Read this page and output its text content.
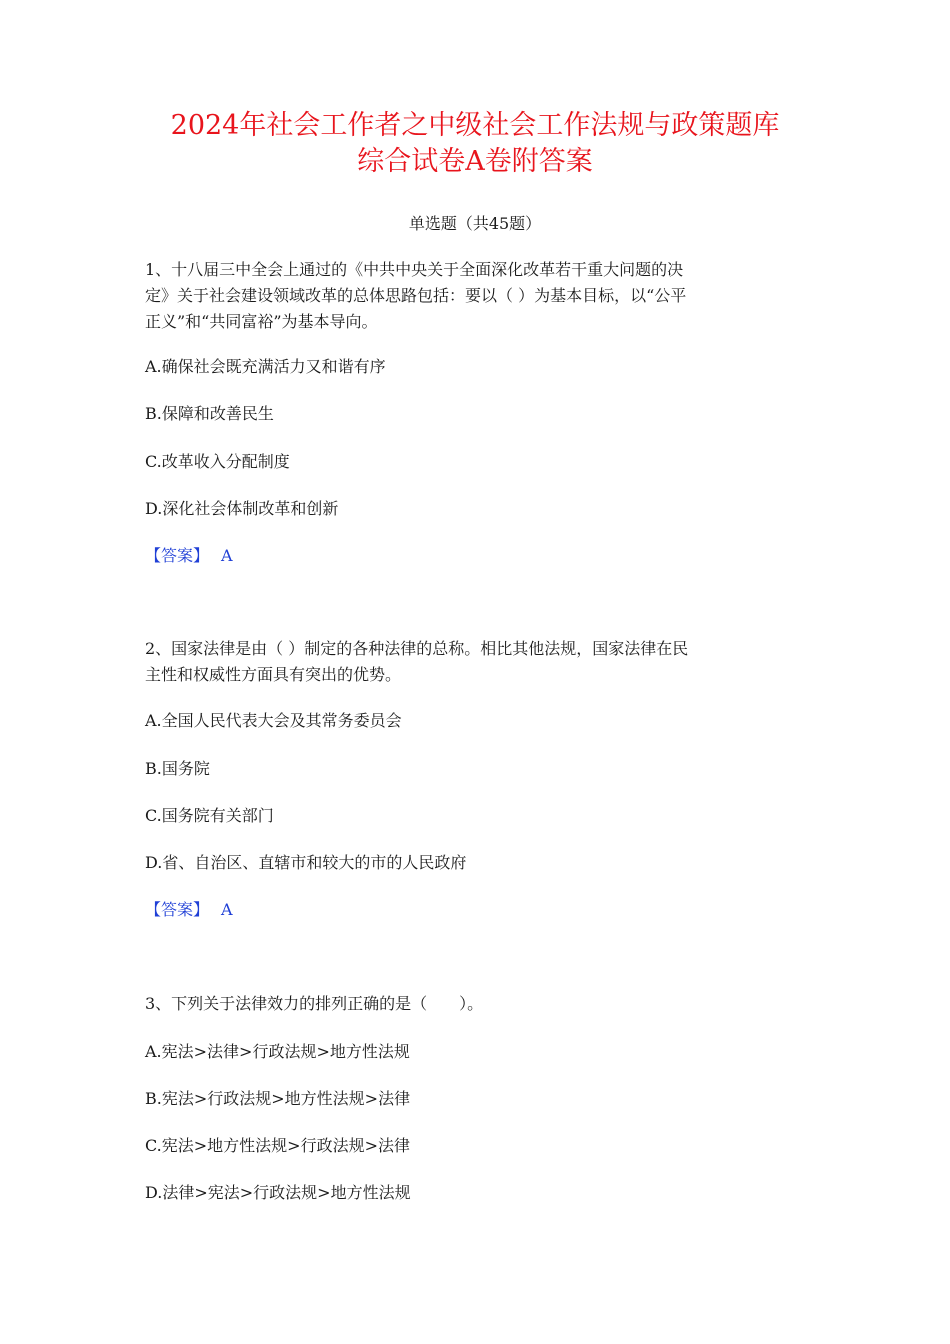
2024年社会工作者之中级社会工作法规与政策题库
综合试卷A卷附答案
单选题（共45题）

1、十八届三中全会上通过的《中共中央关于全面深化改革若干重大问题的决

定》关于社会建设领域改革的总体思路包括：要以（ ）为基本目标，以“公平

正义”和“共同富裕”为基本导向。

A.确保社会既充满活力又和谐有序

B.保障和改善民生

C.改革收入分配制度

D.深化社会体制改革和创新

【答案】 A

2、国家法律是由（ ）制定的各种法律的总称。相比其他法规，国家法律在民

主性和权威性方面具有突出的优势。

A.全国人民代表大会及其常务委员会

B.国务院

C.国务院有关部门

D.省、自治区、直辖市和较大的市的人民政府

【答案】 A

3、下列关于法律效力的排列正确的是（　　）。

A.宪法>法律>行政法规>地方性法规

B.宪法>行政法规>地方性法规>法律

C.宪法>地方性法规>行政法规>法律

D.法律>宪法>行政法规>地方性法规
